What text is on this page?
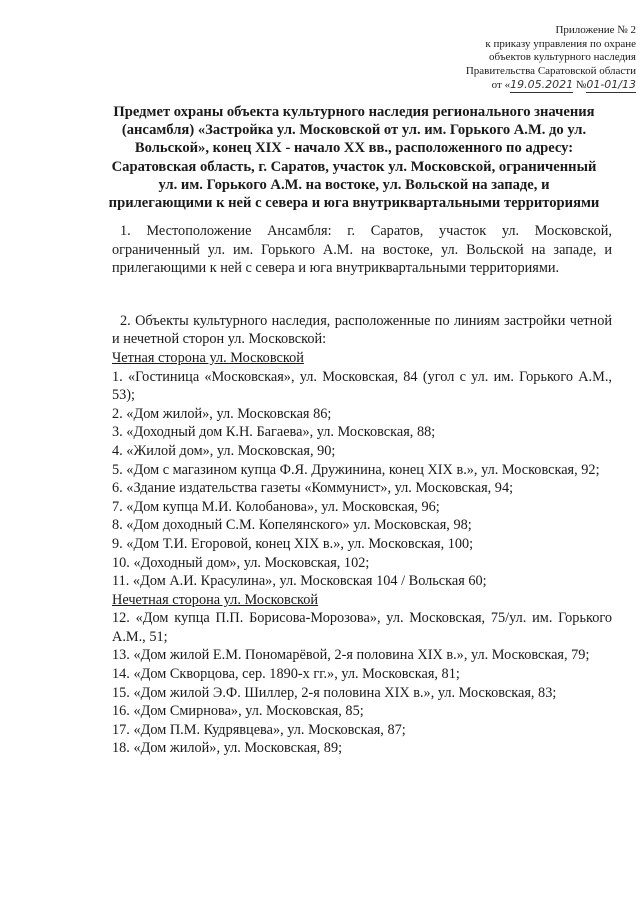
Приложение № 2
к приказу управления по охране
объектов культурного наследия
Правительства Саратовской области
от «19.05.2021 №01-01/13
Предмет охраны объекта культурного наследия регионального значения
(ансамбля) «Застройка ул. Московской от ул. им. Горького А.М. до ул.
Вольской», конец XIX - начало XX вв., расположенного по адресу:
Саратовская область, г. Саратов, участок ул. Московской, ограниченный
ул. им. Горького А.М. на востоке, ул. Вольской на западе, и
прилегающими к ней с севера и юга внутриквартальными территориями

1. Местоположение Ансамбля: г. Саратов, участок ул. Московской, ограниченный ул. им. Горького А.М. на востоке, ул. Вольской на западе, и прилегающими к ней с севера и юга внутриквартальными территориями.

2. Объекты культурного наследия, расположенные по линиям застройки четной и нечетной сторон ул. Московской:

Четная сторона ул. Московской

1. «Гостиница «Московская», ул. Московская, 84 (угол с ул. им. Горького А.М., 53);

2. «Дом жилой», ул. Московская 86;

3. «Доходный дом К.Н. Багаева», ул. Московская, 88;

4. «Жилой дом», ул. Московская, 90;

5. «Дом с магазином купца Ф.Я. Дружинина, конец XIX в.», ул. Московская, 92;

6. «Здание издательства газеты «Коммунист», ул. Московская, 94;

7. «Дом купца М.И. Колобанова», ул. Московская, 96;

8. «Дом доходный С.М. Копелянского» ул. Московская, 98;

9. «Дом Т.И. Егоровой, конец XIX в.», ул. Московская, 100;

10. «Доходный дом», ул. Московская, 102;

11. «Дом А.И. Красулина», ул. Московская 104 / Вольская 60;

Нечетная сторона ул. Московской

12. «Дом купца П.П. Борисова-Морозова», ул. Московская, 75/ул. им. Горького А.М., 51;

13. «Дом жилой Е.М. Пономарёвой, 2-я половина XIX в.», ул. Московская, 79;

14. «Дом Скворцова, сер. 1890-х гг.», ул. Московская, 81;

15. «Дом жилой Э.Ф. Шиллер, 2-я половина XIX в.», ул. Московская, 83;

16. «Дом Смирнова», ул. Московская, 85;

17. «Дом П.М. Кудрявцева», ул. Московская, 87;

18. «Дом жилой», ул. Московская, 89;
